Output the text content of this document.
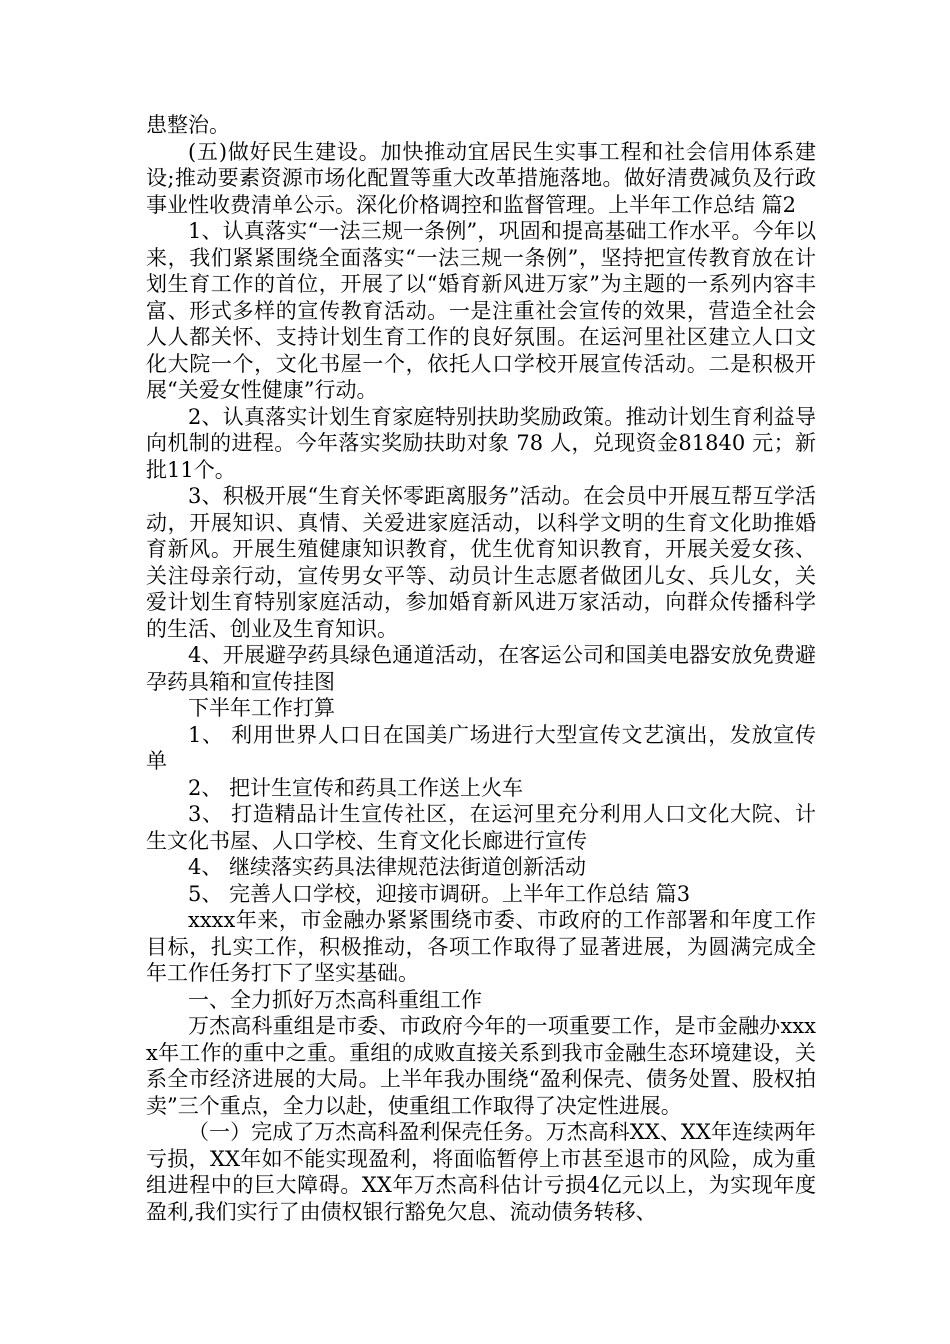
患整治。

(五)做好民生建设。加快推动宜居民生实事工程和社会信用体系建设;推动要素资源市场化配置等重大改革措施落地。做好清费减负及行政事业性收费清单公示。深化价格调控和监督管理。上半年工作总结 篇2

1、认真落实“一法三规一条例”，巩固和提高基础工作水平。今年以来，我们紧紧围绕全面落实“一法三规一条例”，坚持把宣传教育放在计划生育工作的首位，开展了以“婚育新风进万家”为主题的一系列内容丰富、形式多样的宣传教育活动。一是注重社会宣传的效果，营造全社会人人都关怀、支持计划生育工作的良好氛围。在运河里社区建立人口文化大院一个，文化书屋一个，依托人口学校开展宣传活动。二是积极开展“关爱女性健康”行动。

2、认真落实计划生育家庭特别扶助奖励政策。推动计划生育利益导向机制的进程。今年落实奖励扶助对象 78 人，兑现资金81840 元；新批11个。

3、积极开展“生育关怀零距离服务”活动。在会员中开展互帮互学活动，开展知识、真情、关爱进家庭活动，以科学文明的生育文化助推婚育新风。开展生殖健康知识教育，优生优育知识教育，开展关爱女孩、关注母亲行动，宣传男女平等、动员计生志愿者做团儿女、兵儿女，关爱计划生育特别家庭活动，参加婚育新风进万家活动，向群众传播科学的生活、创业及生育知识。

4、开展避孕药具绿色通道活动，在客运公司和国美电器安放免费避孕药具箱和宣传挂图

下半年工作打算

1、 利用世界人口日在国美广场进行大型宣传文艺演出，发放宣传单

2、 把计生宣传和药具工作送上火车

3、 打造精品计生宣传社区，在运河里充分利用人口文化大院、计生文化书屋、人口学校、生育文化长廊进行宣传

4、 继续落实药具法律规范法街道创新活动

5、 完善人口学校，迎接市调研。上半年工作总结 篇3

xxxx年来，市金融办紧紧围绕市委、市政府的工作部署和年度工作目标，扎实工作，积极推动，各项工作取得了显著进展，为圆满完成全年工作任务打下了坚实基础。

一、全力抓好万杰高科重组工作

万杰高科重组是市委、市政府今年的一项重要工作，是市金融办xxxx年工作的重中之重。重组的成败直接关系到我市金融生态环境建设，关系全市经济进展的大局。上半年我办围绕“盈利保壳、债务处置、股权拍卖”三个重点，全力以赴，使重组工作取得了决定性进展。

（一）完成了万杰高科盈利保壳任务。万杰高科XX、XX年连续两年亏损，XX年如不能实现盈利，将面临暂停上市甚至退市的风险，成为重组进程中的巨大障碍。XX年万杰高科估计亏损4亿元以上，为实现年度盈利,我们实行了由债权银行豁免欠息、流动债务转移、
